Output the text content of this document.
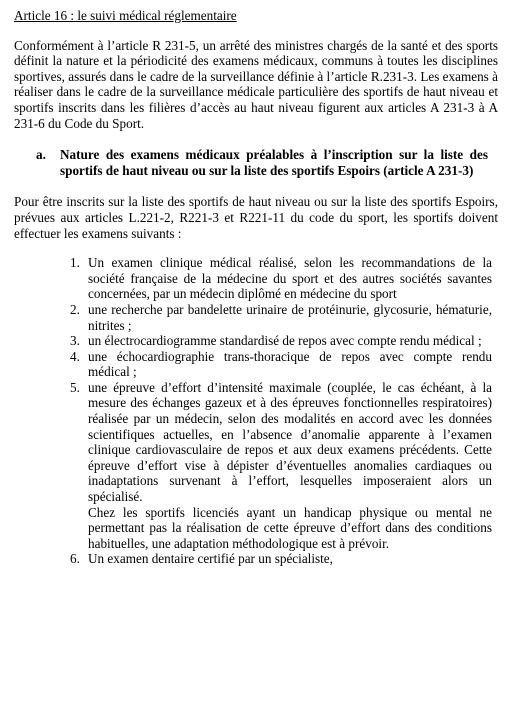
Article 16 : le suivi médical réglementaire

Conformément à l’article R 231-5, un arrêté des ministres chargés de la santé et des sports définit la nature et la périodicité des examens médicaux, communs à toutes les disciplines sportives, assurés dans le cadre de la surveillance définie à l’article R.231-3. Les examens à réaliser dans le cadre de la surveillance médicale particulière des sportifs de haut niveau et sportifs inscrits dans les filières d’accès au haut niveau figurent aux articles A 231-3 à A 231-6 du Code du Sport.

a.	Nature des examens médicaux préalables à l’inscription sur la liste des sportifs de haut niveau ou sur la liste des sportifs Espoirs (article A 231-3)

Pour être inscrits sur la liste des sportifs de haut niveau ou sur la liste des sportifs Espoirs, prévues aux articles L.221-2, R221-3 et R221-11 du code du sport, les sportifs doivent effectuer les examens suivants :

1. Un examen clinique médical réalisé, selon les recommandations de la société française de la médecine du sport et des autres sociétés savantes concernées, par un médecin diplômé en médecine du sport
2. une recherche par bandelette urinaire de protéinurie, glycosurie, hématurie, nitrites ;
3. un électrocardiogramme standardisé de repos avec compte rendu médical ;
4. une échocardiographie trans-thoracique de repos avec compte rendu médical ;
5. une épreuve d’effort d’intensité maximale (couplée, le cas échéant, à la mesure des échanges gazeux et à des épreuves fonctionnelles respiratoires) réalisée par un médecin, selon des modalités en accord avec les données scientifiques actuelles, en l’absence d’anomalie apparente à l’examen clinique cardiovasculaire de repos et aux deux examens précédents. Cette épreuve d’effort vise à dépister d’éventuelles anomalies cardiaques ou inadaptations survenant à l’effort, lesquelles imposeraient alors un spécialisé.
Chez les sportifs licenciés ayant un handicap physique ou mental ne permettant pas la réalisation de cette épreuve d’effort dans des conditions habituelles, une adaptation méthodologique est à prévoir.
6. Un examen dentaire certifié par un spécialiste,
